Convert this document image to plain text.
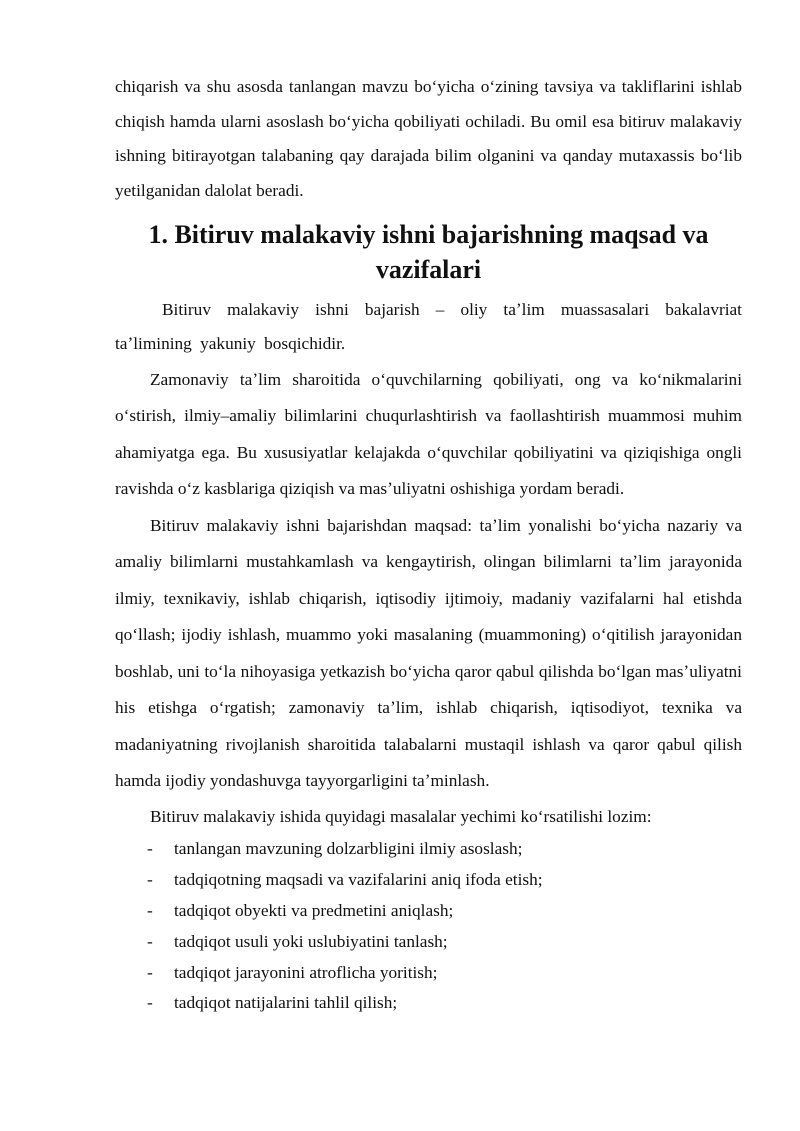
chiqarish va shu asosda tanlangan mavzu boʻyicha oʻzining tavsiya va takliflarini ishlab chiqish hamda ularni asoslash boʻyicha qobiliyati ochiladi. Bu omil esa bitiruv malakaviy ishning bitirayotgan talabaning qay darajada bilim olganini va qanday mutaxassis boʻlib yetilganidan dalolat beradi.

1. Bitiruv malakaviy ishni bajarishning maqsad va vazifalari

Bitiruv malakaviy ishni bajarish – oliy taʼlim muassasalari bakalavriat taʼlimining yakuniy bosqichidir.

Zamonaviy taʼlim sharoitida oʻquvchilarning qobiliyati, ong va koʻnikmalarini oʻstirish, ilmiy–amaliy bilimlarini chuqurlashtirish va faollashtirish muammosi muhim ahamiyatga ega. Bu xususiyatlar kelajakda oʻquvchilar qobiliyatini va qiziqishiga ongli ravishda oʻz kasblariga qiziqish va masʼuliyatni oshishiga yordam beradi.

Bitiruv malakaviy ishni bajarishdan maqsad: taʼlim yonalishi boʻyicha nazariy va amaliy bilimlarni mustahkamlash va kengaytirish, olingan bilimlarni taʼlim jarayonida ilmiy, texnikaviy, ishlab chiqarish, iqtisodiy ijtimoiy, madaniy vazifalarni hal etishda qoʻllash; ijodiy ishlash, muammo yoki masalaning (muammoning) oʻqitilish jarayonidan boshlab, uni toʻla nihoyasiga yetkazish boʻyicha qaror qabul qilishda boʻlgan masʼuliyatni his etishga oʻrgatish; zamonaviy taʼlim, ishlab chiqarish, iqtisodiyot, texnika va madaniyatning rivojlanish sharoitida talabalarni mustaqil ishlash va qaror qabul qilish hamda ijodiy yondashuvga tayyorgarligini taʼminlash.

Bitiruv malakaviy ishida quyidagi masalalar yechimi koʻrsatilishi lozim:

- tanlangan mavzuning dolzarbligini ilmiy asoslash;
- tadqiqotning maqsadi va vazifalarini aniq ifoda etish;
- tadqiqot obyekti va predmetini aniqlash;
- tadqiqot usuli yoki uslubiyatini tanlash;
- tadqiqot jarayonini atroflicha yoritish;
- tadqiqot natijalarini tahlil qilish;
